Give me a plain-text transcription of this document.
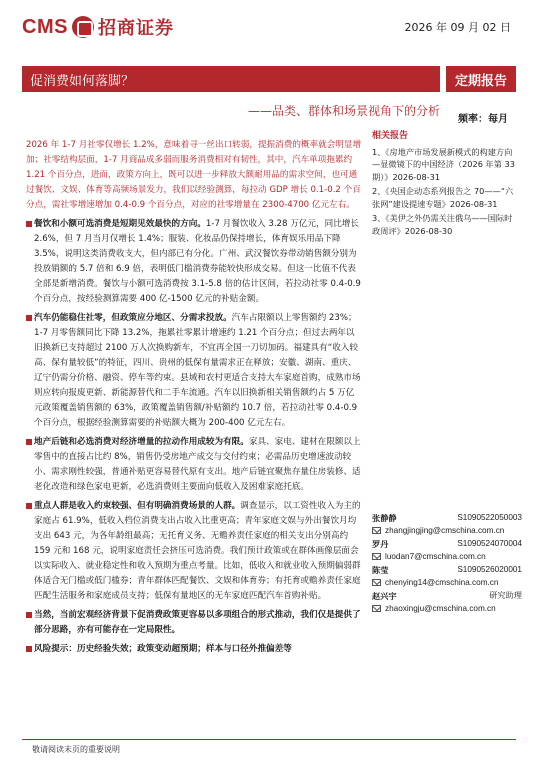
CMS 招商证券	2026 年 09 月 02 日
促消费如何落脚？	定期报告
——品类、群体和场景视角下的分析
频率：每月
2026 年 1-7 月社零仅增长 1.2%，意味着寻一丝出口转弱，提振消费的概率就会明显增加；社零结构层面，1-7 月商品成多弱而服务消费相对有韧性，其中，汽车单项拖累约 1.21 个百分点，进而，政策方向上，既可以进一步释放大额耐用品的需求空间，也可通过餐饮、文娱、体育等高频场景发力，我们以经验测算，每拉动 GDP 增长 0.1-0.2 个百分点，需社零增速增加 0.4-0.9 个百分点，对应的社零增量在 2300-4700 亿元左右。
餐饮和小额可选消费是短期见效最快的方向。1-7 月餐饮收入 3.28 万亿元，同比增长 2.6%，但 7 月当月仅增长 1.4%；服装、化妆品仍保持增长，体育娱乐用品下降 3.5%，说明这类消费收支大，但内部已有分化。广州、武汉餐饮券带动销售额分别为投放销额的 5.7 倍和 6.9 倍，表明低门槛消费券能较快形成交易。但这一比值不代表全部是新增消费。餐饮与小额可选消费按 3.1-5.8 倍的估计区间，若拉动社零 0.4-0.9 个百分点，按经验测算需要 400 亿-1500 亿元的补贴金额。
汽车仍能稳住社零，但政策应分地区、分需求投放。汽车占限额以上零售额约 23%；1-7 月零售额同比下降 13.2%，拖累社零累计增速约 1.21 个百分点；但过去两年以旧换新已支持超过 2100 万人次换购新车，不宜再全国一刀切加码。福建具有“收入较高、保有量较低”的特征，四川、贵州的低保有量需求正在释放；安徽、湖南、重庆、辽宁仍需分价格、融资、停车等约束。县域和农村更适合支持大车家庭首购，成熟市场则应转向报废更新、新能源替代和二手车流通。汽车以旧换新相关销售额约占 5 万亿元政策覆盖销售额的 63%，政策覆盖销售额/补贴额约 10.7 倍，若拉动社零 0.4-0.9 个百分点，根据经验测算需要的补贴额大概为 200-400 亿元左右。
地产后链和必选消费对经济增量的拉动作用成较为有限。家具、家电、建材在限额以上零售中的直接占比约 8%，销售仍受房地产成交与交付约束；必需品历史增速波动较小、需求刚性较强，普通补贴更容易替代原有支出。地产后链宜聚焦存量住房装修、适老化改造和绿色家电更新，必选消费则主要面向低收入及困难家庭托底。
重点人群是收入约束较强、但有明确消费场景的人群。调查显示，以工资性收入为主的家庭占 61.9%，低收入档位消费支出占收入比重更高；青年家庭文娱与外出餐饮月均支出 643 元，为各年龄组最高；无托育义务、无赡养责任家庭的相关支出分别高约 159 元和 168 元，说明家庭责任会挤压可选消费。我们预计政策或在群体画像层面会以实际收入、就业稳定性和收入预期为重点考量。比如，低收入和就业收入预期偏弱群体适合无门槛或低门槛券；青年群体匹配餐饮、文娱和体育券；有托育或赡养责任家庭匹配生活服务和家庭成员支持；低保有量地区的无车家庭匹配汽车首购补贴。
当然，当前宏观经济背景下促消费政策更容易以多项组合的形式推动，我们仅是提供了部分思路，亦有可能存在一定局限性。
风险提示：历史经验失效；政策变动超预期；样本与口径外推偏差等
相关报告
1、《房地产市场发展新模式的构建方向—显微镜下的中国经济（2026 年第 33 期）》2026-08-31
2、《央国企动态系列报告之 70——“六张网”建设提速专题》2026-08-31
3、《美伊之外仍需关注俄乌——国际时政周评》2026-08-30
张静静	S1090522050003
zhangjingjing@cmschina.com.cn
罗丹	S1090524070004
luodan7@cmschina.com.cn
陈莹	S1090526020001
chenying14@cmschina.com.cn
赵兴宇	研究助理
zhaoxingju@cmschina.com.cn
敬请阅读末页的重要说明
